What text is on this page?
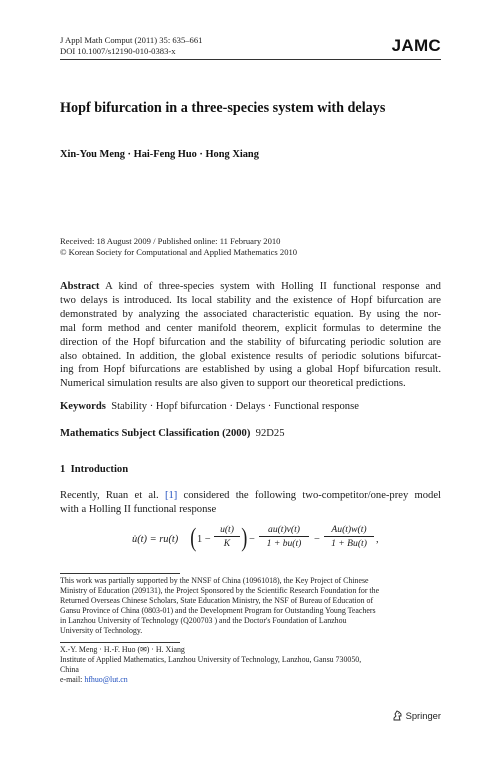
J Appl Math Comput (2011) 35: 635–661
DOI 10.1007/s12190-010-0383-x	JAMC
Hopf bifurcation in a three-species system with delays
Xin-You Meng · Hai-Feng Huo · Hong Xiang
Received: 18 August 2009 / Published online: 11 February 2010
© Korean Society for Computational and Applied Mathematics 2010
Abstract A kind of three-species system with Holling II functional response and
two delays is introduced. Its local stability and the existence of Hopf bifurcation are
demonstrated by analyzing the associated characteristic equation. By using the nor-
mal form method and center manifold theorem, explicit formulas to determine the
direction of the Hopf bifurcation and the stability of bifurcating periodic solution are
also obtained. In addition, the global existence results of periodic solutions bifurcat-
ing from Hopf bifurcations are established by using a global Hopf bifurcation result.
Numerical simulation results are also given to support our theoretical predictions.
Keywords Stability · Hopf bifurcation · Delays · Functional response
Mathematics Subject Classification (2000) 92D25
1  Introduction
Recently, Ruan et al. [1] considered the following two-competitor/one-prey model
with a Holling II functional response
u̇(t) = ru(t) ( 1 −
u(t)
K ) −
au(t)v(t)
1 + bu(t)	−
Au(t)w(t)
1 + Bu(t) ,
This work was partially supported by the NNSF of China (10961018), the Key Project of Chinese
Ministry of Education (209131), the Project Sponsored by the Scientific Research Foundation for the
Returned Overseas Chinese Scholars, State Education Ministry, the NSF of Bureau of Education of
Gansu Province of China (0803-01) and the Development Program for Outstanding Young Teachers
in Lanzhou University of Technology (Q200703 ) and the Doctor's Foundation of Lanzhou
University of Technology.
X.-Y. Meng · H.-F. Huo (✉) · H. Xiang
Institute of Applied Mathematics, Lanzhou University of Technology, Lanzhou, Gansu 730050,
China
e-mail: hfhuo@lut.cn
Springer
